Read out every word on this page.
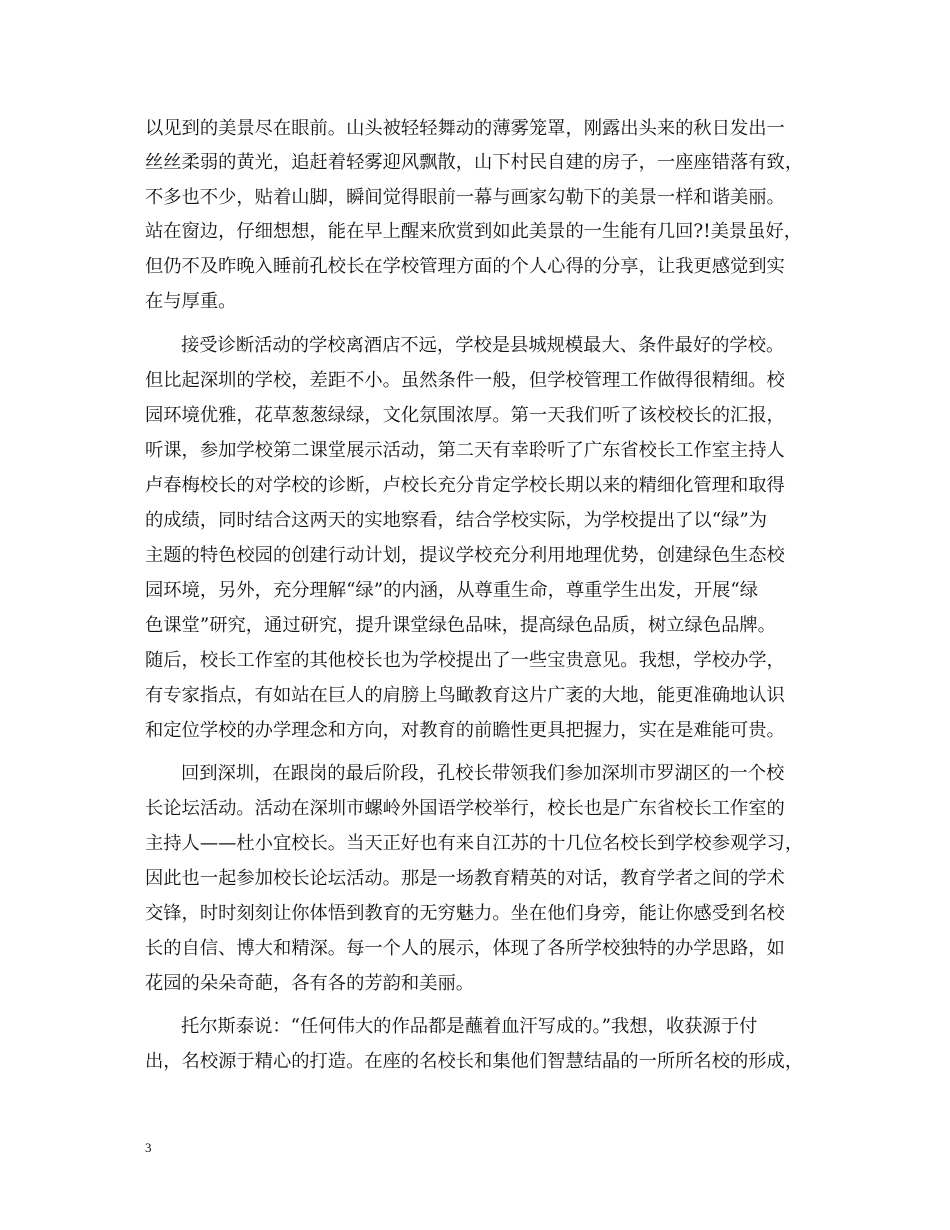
以见到的美景尽在眼前。山头被轻轻舞动的薄雾笼罩，刚露出头来的秋日发出一
丝丝柔弱的黄光，追赶着轻雾迎风飘散，山下村民自建的房子，一座座错落有致，
不多也不少，贴着山脚，瞬间觉得眼前一幕与画家勾勒下的美景一样和谐美丽。
站在窗边，仔细想想，能在早上醒来欣赏到如此美景的一生能有几回?!美景虽好，
但仍不及昨晚入睡前孔校长在学校管理方面的个人心得的分享，让我更感觉到实
在与厚重。
接受诊断活动的学校离酒店不远，学校是县城规模最大、条件最好的学校。
但比起深圳的学校，差距不小。虽然条件一般，但学校管理工作做得很精细。校
园环境优雅，花草葱葱绿绿，文化氛围浓厚。第一天我们听了该校校长的汇报，
听课，参加学校第二课堂展示活动，第二天有幸聆听了广东省校长工作室主持人
卢春梅校长的对学校的诊断，卢校长充分肯定学校长期以来的精细化管理和取得
的成绩，同时结合这两天的实地察看，结合学校实际，为学校提出了以“绿”为
主题的特色校园的创建行动计划，提议学校充分利用地理优势，创建绿色生态校
园环境，另外，充分理解“绿”的内涵，从尊重生命，尊重学生出发，开展“绿
色课堂”研究，通过研究，提升课堂绿色品味，提高绿色品质，树立绿色品牌。
随后，校长工作室的其他校长也为学校提出了一些宝贵意见。我想，学校办学，
有专家指点，有如站在巨人的肩膀上鸟瞰教育这片广袤的大地，能更准确地认识
和定位学校的办学理念和方向，对教育的前瞻性更具把握力，实在是难能可贵。
回到深圳，在跟岗的最后阶段，孔校长带领我们参加深圳市罗湖区的一个校
长论坛活动。活动在深圳市螺岭外国语学校举行，校长也是广东省校长工作室的
主持人——杜小宜校长。当天正好也有来自江苏的十几位名校长到学校参观学习，
因此也一起参加校长论坛活动。那是一场教育精英的对话，教育学者之间的学术
交锋，时时刻刻让你体悟到教育的无穷魅力。坐在他们身旁，能让你感受到名校
长的自信、博大和精深。每一个人的展示，体现了各所学校独特的办学思路，如
花园的朵朵奇葩，各有各的芳韵和美丽。
托尔斯泰说：“任何伟大的作品都是蘸着血汗写成的。”我想，收获源于付
出，名校源于精心的打造。在座的名校长和集他们智慧结晶的一所所名校的形成，
3
